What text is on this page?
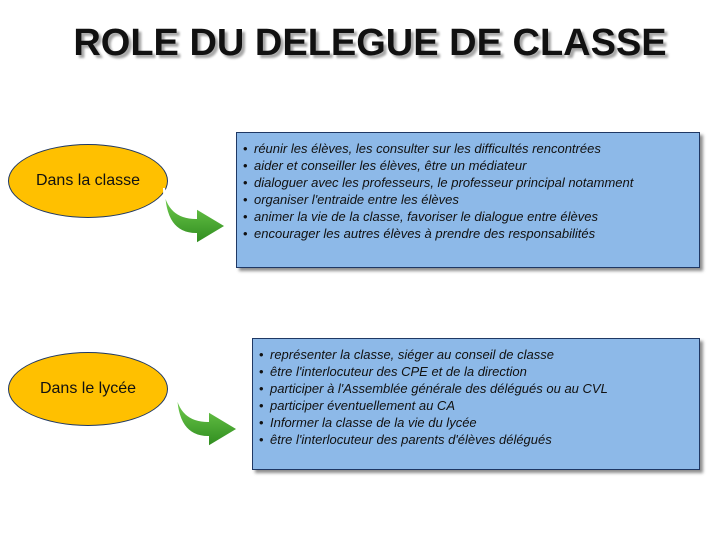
ROLE DU DELEGUE DE CLASSE
Dans la classe
• réunir les élèves, les consulter sur les difficultés rencontrées
• aider et conseiller les élèves, être un médiateur
• dialoguer avec les professeurs, le professeur principal notamment
• organiser l'entraide entre les élèves
• animer la vie de la classe, favoriser le dialogue entre élèves
• encourager les autres élèves à prendre des responsabilités
Dans le lycée
• représenter la classe, siéger au conseil de classe
• être l'interlocuteur des CPE et de la direction
• participer à l'Assemblée générale des délégués ou au CVL
• participer éventuellement au CA
• Informer la classe de la vie du lycée
• être l'interlocuteur des parents d'élèves délégués
